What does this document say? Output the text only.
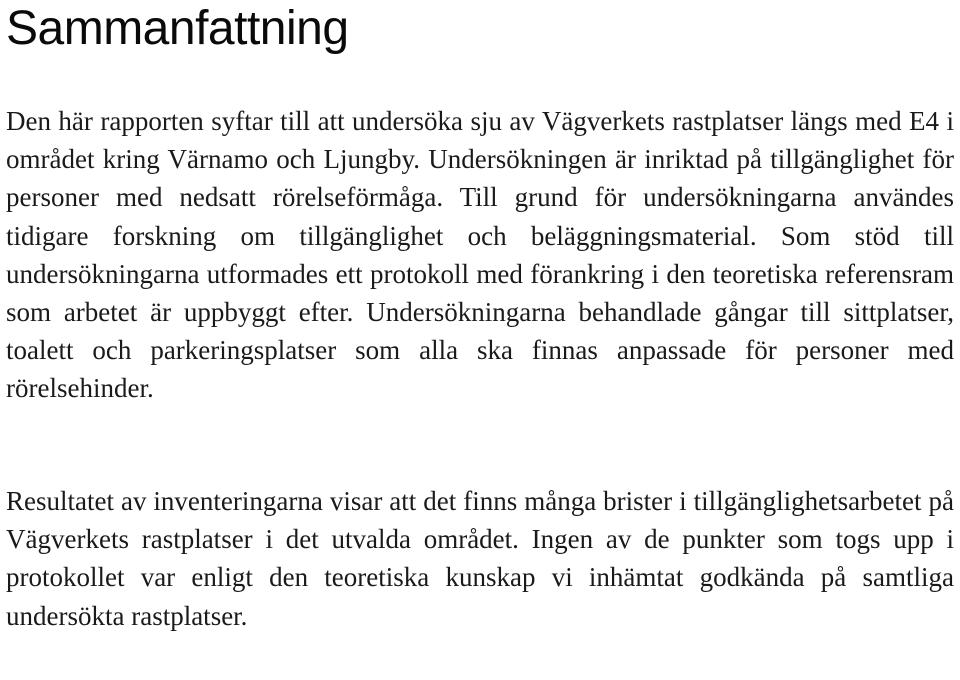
Sammanfattning

Den här rapporten syftar till att undersöka sju av Vägverkets rastplatser längs med E4 i området kring Värnamo och Ljungby. Undersökningen är inriktad på tillgänglighet för personer med nedsatt rörelseförmåga. Till grund för undersökningarna användes tidigare forskning om tillgänglighet och beläggningsmaterial. Som stöd till undersökningarna utformades ett protokoll med förankring i den teoretiska referensram som arbetet är uppbyggt efter. Undersökningarna behandlade gångar till sittplatser, toalett och parkeringsplatser som alla ska finnas anpassade för personer med rörelsehinder.

Resultatet av inventeringarna visar att det finns många brister i tillgänglighetsarbetet på Vägverkets rastplatser i det utvalda området. Ingen av de punkter som togs upp i protokollet var enligt den teoretiska kunskap vi inhämtat godkända på samtliga undersökta rastplatser.
